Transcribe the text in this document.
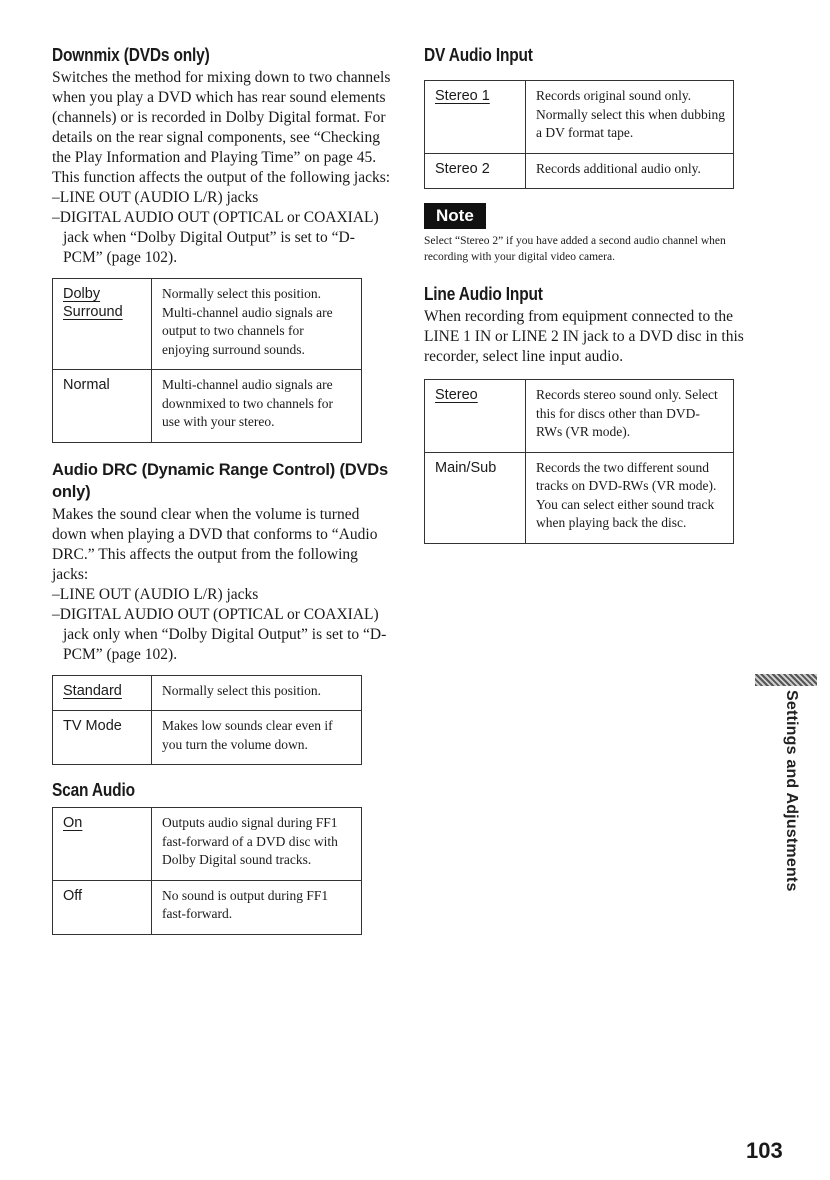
Downmix (DVDs only)

Switches the method for mixing down to two channels when you play a DVD which has rear sound elements (channels) or is recorded in Dolby Digital format. For details on the rear signal components, see “Checking the Play Information and Playing Time” on page 45. This function affects the output of the following jacks:

–LINE OUT (AUDIO L/R) jacks
–DIGITAL AUDIO OUT (OPTICAL or COAXIAL) jack when “Dolby Digital Output” is set to “D-PCM” (page 102).
Dolby Surround	Normally select this position. Multi-channel audio signals are output to two channels for enjoying surround sounds.
Normal	Multi-channel audio signals are downmixed to two channels for use with your stereo.
Audio DRC (Dynamic Range Control) (DVDs only)

Makes the sound clear when the volume is turned down when playing a DVD that conforms to “Audio DRC.” This affects the output from the following jacks:

–LINE OUT (AUDIO L/R) jacks
–DIGITAL AUDIO OUT (OPTICAL or COAXIAL) jack only when “Dolby Digital Output” is set to “D-PCM” (page 102).
Standard	Normally select this position.
TV Mode	Makes low sounds clear even if you turn the volume down.
Scan Audio
On	Outputs audio signal during FF1 fast-forward of a DVD disc with Dolby Digital sound tracks.
Off	No sound is output during FF1 fast-forward.
DV Audio Input
Stereo 1	Records original sound only. Normally select this when dubbing a DV format tape.
Stereo 2	Records additional audio only.
Note

Select “Stereo 2” if you have added a second audio channel when recording with your digital video camera.

Line Audio Input

When recording from equipment connected to the LINE 1 IN or LINE 2 IN jack to a DVD disc in this recorder, select line input audio.

Stereo	Records stereo sound only. Select this for discs other than DVD-RWs (VR mode).
Main/Sub	Records the two different sound tracks on DVD-RWs (VR mode). You can select either sound track when playing back the disc.
Settings and Adjustments
103
